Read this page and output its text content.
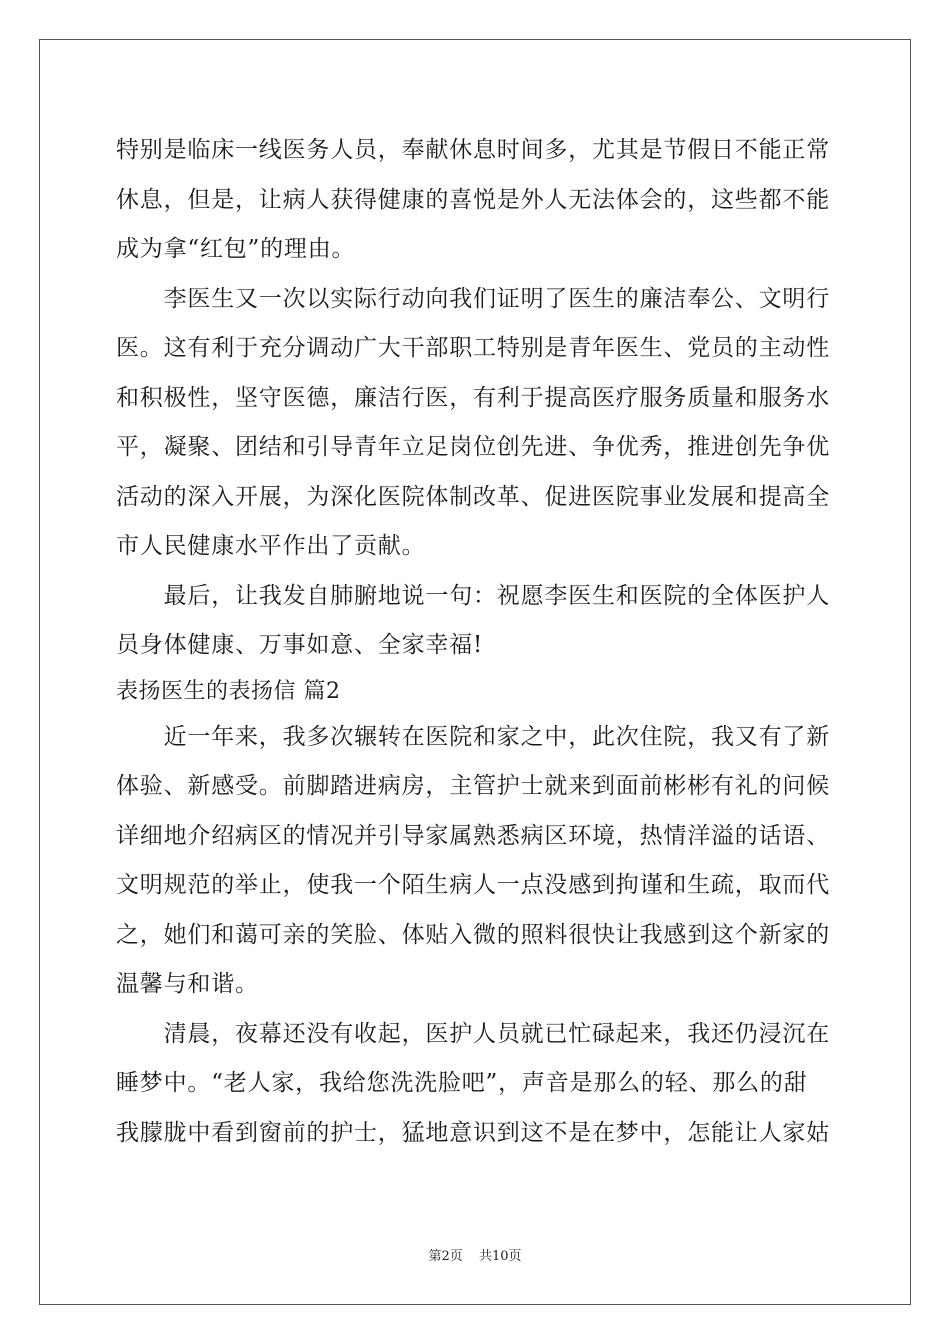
特别是临床一线医务人员，奉献休息时间多，尤其是节假日不能正常
休息，但是，让病人获得健康的喜悦是外人无法体会的，这些都不能
成为拿“红包”的理由。
　　李医生又一次以实际行动向我们证明了医生的廉洁奉公、文明行
医。这有利于充分调动广大干部职工特别是青年医生、党员的主动性
和积极性，坚守医德，廉洁行医，有利于提高医疗服务质量和服务水
平，凝聚、团结和引导青年立足岗位创先进、争优秀，推进创先争优
活动的深入开展，为深化医院体制改革、促进医院事业发展和提高全
市人民健康水平作出了贡献。
　　最后，让我发自肺腑地说一句：祝愿李医生和医院的全体医护人
员身体健康、万事如意、全家幸福!
表扬医生的表扬信 篇2
　　近一年来，我多次辗转在医院和家之中，此次住院，我又有了新
体验、新感受。前脚踏进病房，主管护士就来到面前彬彬有礼的问候
详细地介绍病区的情况并引导家属熟悉病区环境，热情洋溢的话语、
文明规范的举止，使我一个陌生病人一点没感到拘谨和生疏，取而代
之，她们和蔼可亲的笑脸、体贴入微的照料很快让我感到这个新家的
温馨与和谐。
　　清晨，夜幕还没有收起，医护人员就已忙碌起来，我还仍浸沉在
睡梦中。“老人家，我给您洗洗脸吧”，声音是那么的轻、那么的甜
我朦胧中看到窗前的护士，猛地意识到这不是在梦中，怎能让人家姑
第2页 共10页
